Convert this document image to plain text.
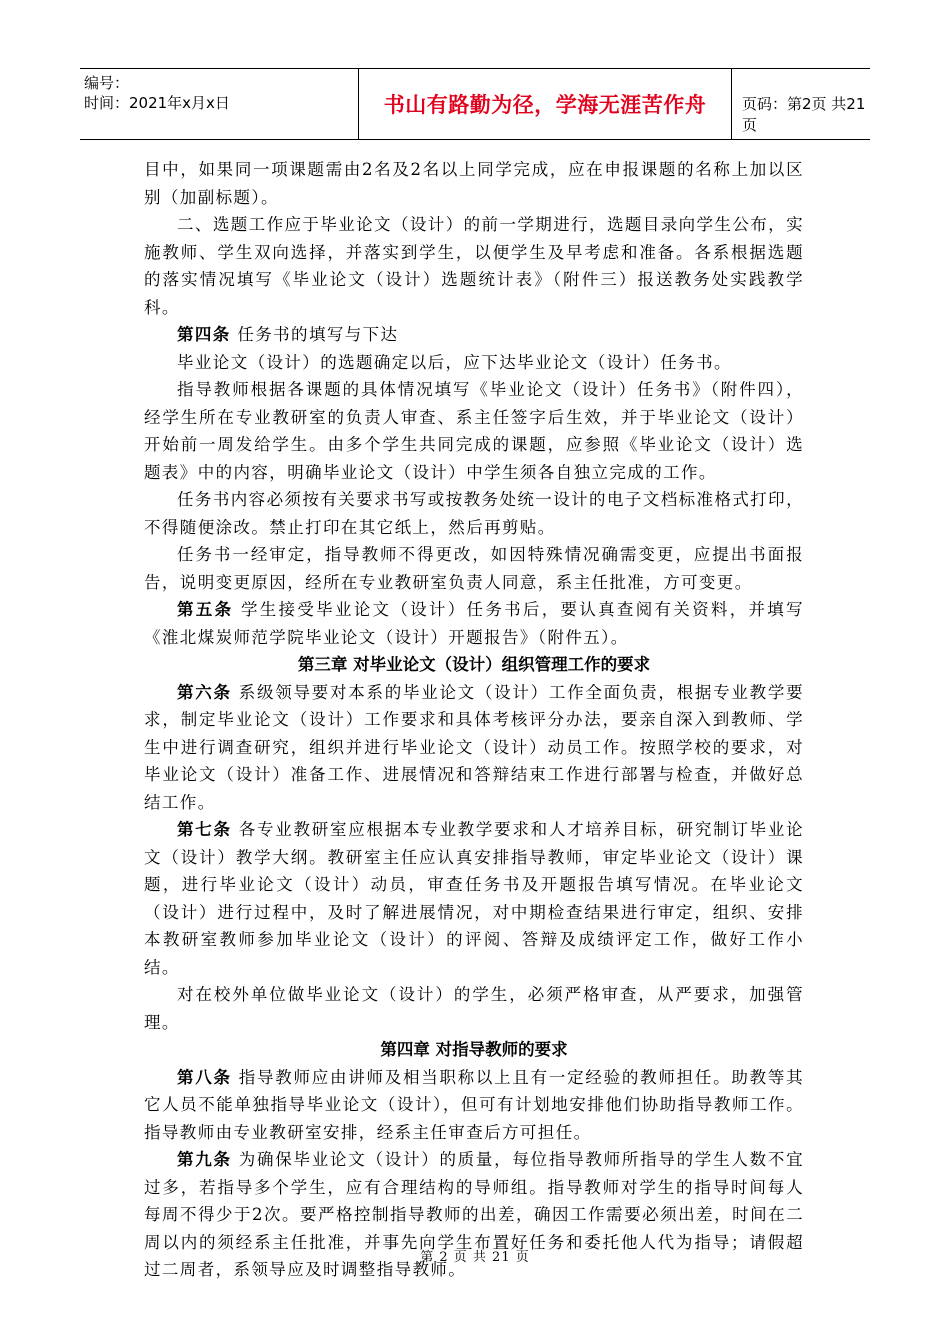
编号：
时间：2021年x月x日	书山有路勤为径，学海无涯苦作舟	页码：第2页 共21页

目中，如果同一项课题需由2名及2名以上同学完成，应在申报课题的名称上加以区别（加副标题）。

二、选题工作应于毕业论文（设计）的前一学期进行，选题目录向学生公布，实施教师、学生双向选择，并落实到学生，以便学生及早考虑和准备。各系根据选题的落实情况填写《毕业论文（设计）选题统计表》（附件三）报送教务处实践教学科。

第四条 任务书的填写与下达

毕业论文（设计）的选题确定以后，应下达毕业论文（设计）任务书。

指导教师根据各课题的具体情况填写《毕业论文（设计）任务书》（附件四），经学生所在专业教研室的负责人审查、系主任签字后生效，并于毕业论文（设计）开始前一周发给学生。由多个学生共同完成的课题，应参照《毕业论文（设计）选题表》中的内容，明确毕业论文（设计）中学生须各自独立完成的工作。

任务书内容必须按有关要求书写或按教务处统一设计的电子文档标准格式打印，不得随便涂改。禁止打印在其它纸上，然后再剪贴。

任务书一经审定，指导教师不得更改，如因特殊情况确需变更，应提出书面报告，说明变更原因，经所在专业教研室负责人同意，系主任批准，方可变更。

第五条 学生接受毕业论文（设计）任务书后，要认真查阅有关资料，并填写《淮北煤炭师范学院毕业论文（设计）开题报告》（附件五）。

第三章 对毕业论文（设计）组织管理工作的要求

第六条 系级领导要对本系的毕业论文（设计）工作全面负责，根据专业教学要求，制定毕业论文（设计）工作要求和具体考核评分办法，要亲自深入到教师、学生中进行调查研究，组织并进行毕业论文（设计）动员工作。按照学校的要求，对毕业论文（设计）准备工作、进展情况和答辩结束工作进行部署与检查，并做好总结工作。

第七条 各专业教研室应根据本专业教学要求和人才培养目标，研究制订毕业论文（设计）教学大纲。教研室主任应认真安排指导教师，审定毕业论文（设计）课题，进行毕业论文（设计）动员，审查任务书及开题报告填写情况。在毕业论文（设计）进行过程中，及时了解进展情况，对中期检查结果进行审定，组织、安排本教研室教师参加毕业论文（设计）的评阅、答辩及成绩评定工作，做好工作小结。

对在校外单位做毕业论文（设计）的学生，必须严格审查，从严要求，加强管理。

第四章 对指导教师的要求

第八条 指导教师应由讲师及相当职称以上且有一定经验的教师担任。助教等其它人员不能单独指导毕业论文（设计），但可有计划地安排他们协助指导教师工作。指导教师由专业教研室安排，经系主任审查后方可担任。

第九条 为确保毕业论文（设计）的质量，每位指导教师所指导的学生人数不宜过多，若指导多个学生，应有合理结构的导师组。指导教师对学生的指导时间每人每周不得少于2次。要严格控制指导教师的出差，确因工作需要必须出差，时间在二周以内的须经系主任批准，并事先向学生布置好任务和委托他人代为指导；请假超过二周者，系领导应及时调整指导教师。

第 2 页 共 21 页
